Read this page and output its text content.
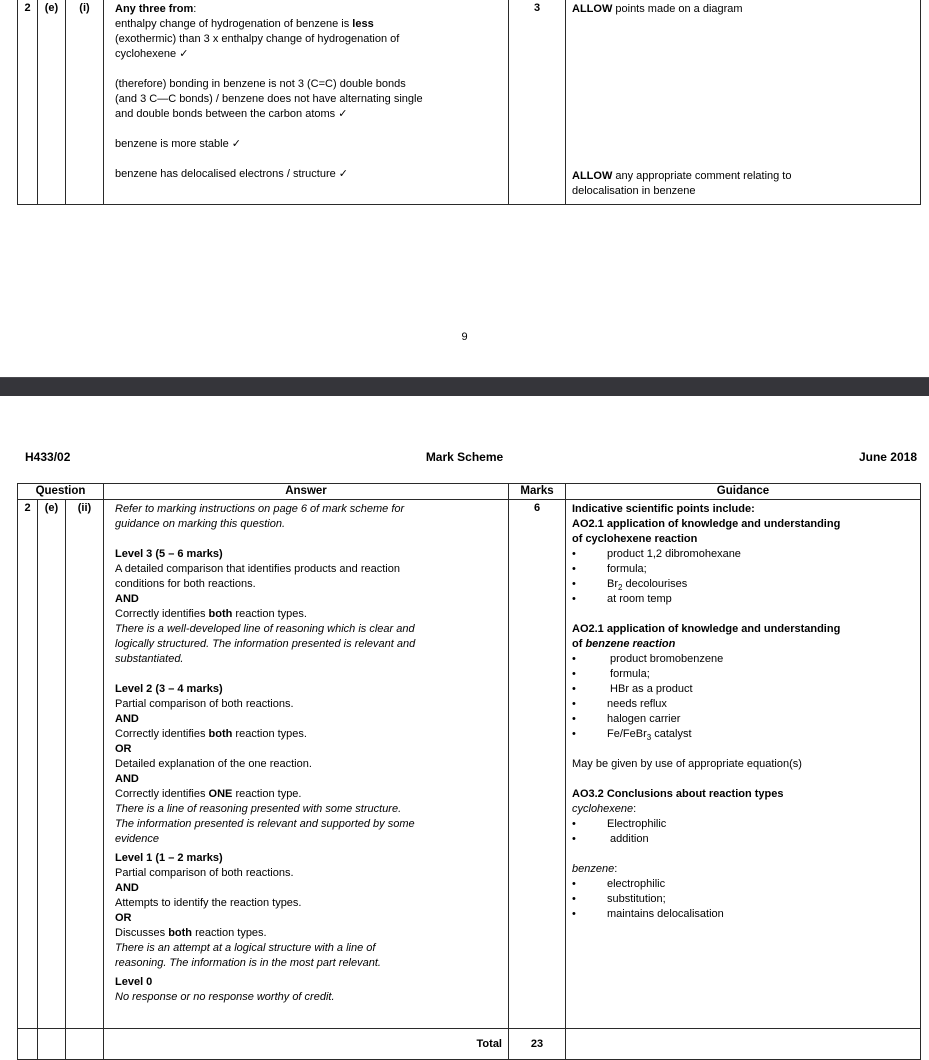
2	(e)	(i)	Any three from:
enthalpy change of hydrogenation of benzene is less
(exothermic) than 3 x enthalpy change of hydrogenation of
cyclohexene ✓

(therefore) bonding in benzene is not 3 (C=C) double bonds
(and 3 C—C bonds) / benzene does not have alternating single
and double bonds between the carbon atoms ✓

benzene is more stable ✓

benzene has delocalised electrons / structure ✓
	3	ALLOW points made on a diagram
ALLOW any appropriate comment relating to
delocalisation in benzene
9
H433/02	Mark Scheme	June 2018
Question			Answer	Marks	Guidance
2	(e)	(ii)	Refer to marking instructions on page 6 of mark scheme for
guidance on marking this question.

Level 3 (5 – 6 marks)
A detailed comparison that identifies products and reaction
conditions for both reactions.
AND
Correctly identifies both reaction types.
There is a well-developed line of reasoning which is clear and
logically structured. The information presented is relevant and
substantiated.

Level 2 (3 – 4 marks)
Partial comparison of both reactions.
AND
Correctly identifies both reaction types.
OR
Detailed explanation of the one reaction.
AND
Correctly identifies ONE reaction type.
There is a line of reasoning presented with some structure.
The information presented is relevant and supported by some
evidence
Level 1 (1 – 2 marks)
Partial comparison of both reactions.
AND
Attempts to identify the reaction types.
OR
Discusses both reaction types.
There is an attempt at a logical structure with a line of
reasoning. The information is in the most part relevant.
Level 0
No response or no response worthy of credit.
	6	Indicative scientific points include:
AO2.1 application of knowledge and understanding
of cyclohexene reaction
•	product 1,2 dibromohexane
•	formula;
•	$Br_2$ decolourises
•	at room temp

AO2.1 application of knowledge and understanding
of benzene reaction
•	product bromobenzene
•	formula;
•	HBr as a product
•	needs reflux
•	halogen carrier
•	Fe/FeBr$_3$ catalyst

May be given by use of appropriate equation(s)

AO3.2 Conclusions about reaction types
cyclohexene:
•	Electrophilic
•	addition

benzene:
•	electrophilic
•	substitution;
•	maintains delocalisation

			Total	23	
